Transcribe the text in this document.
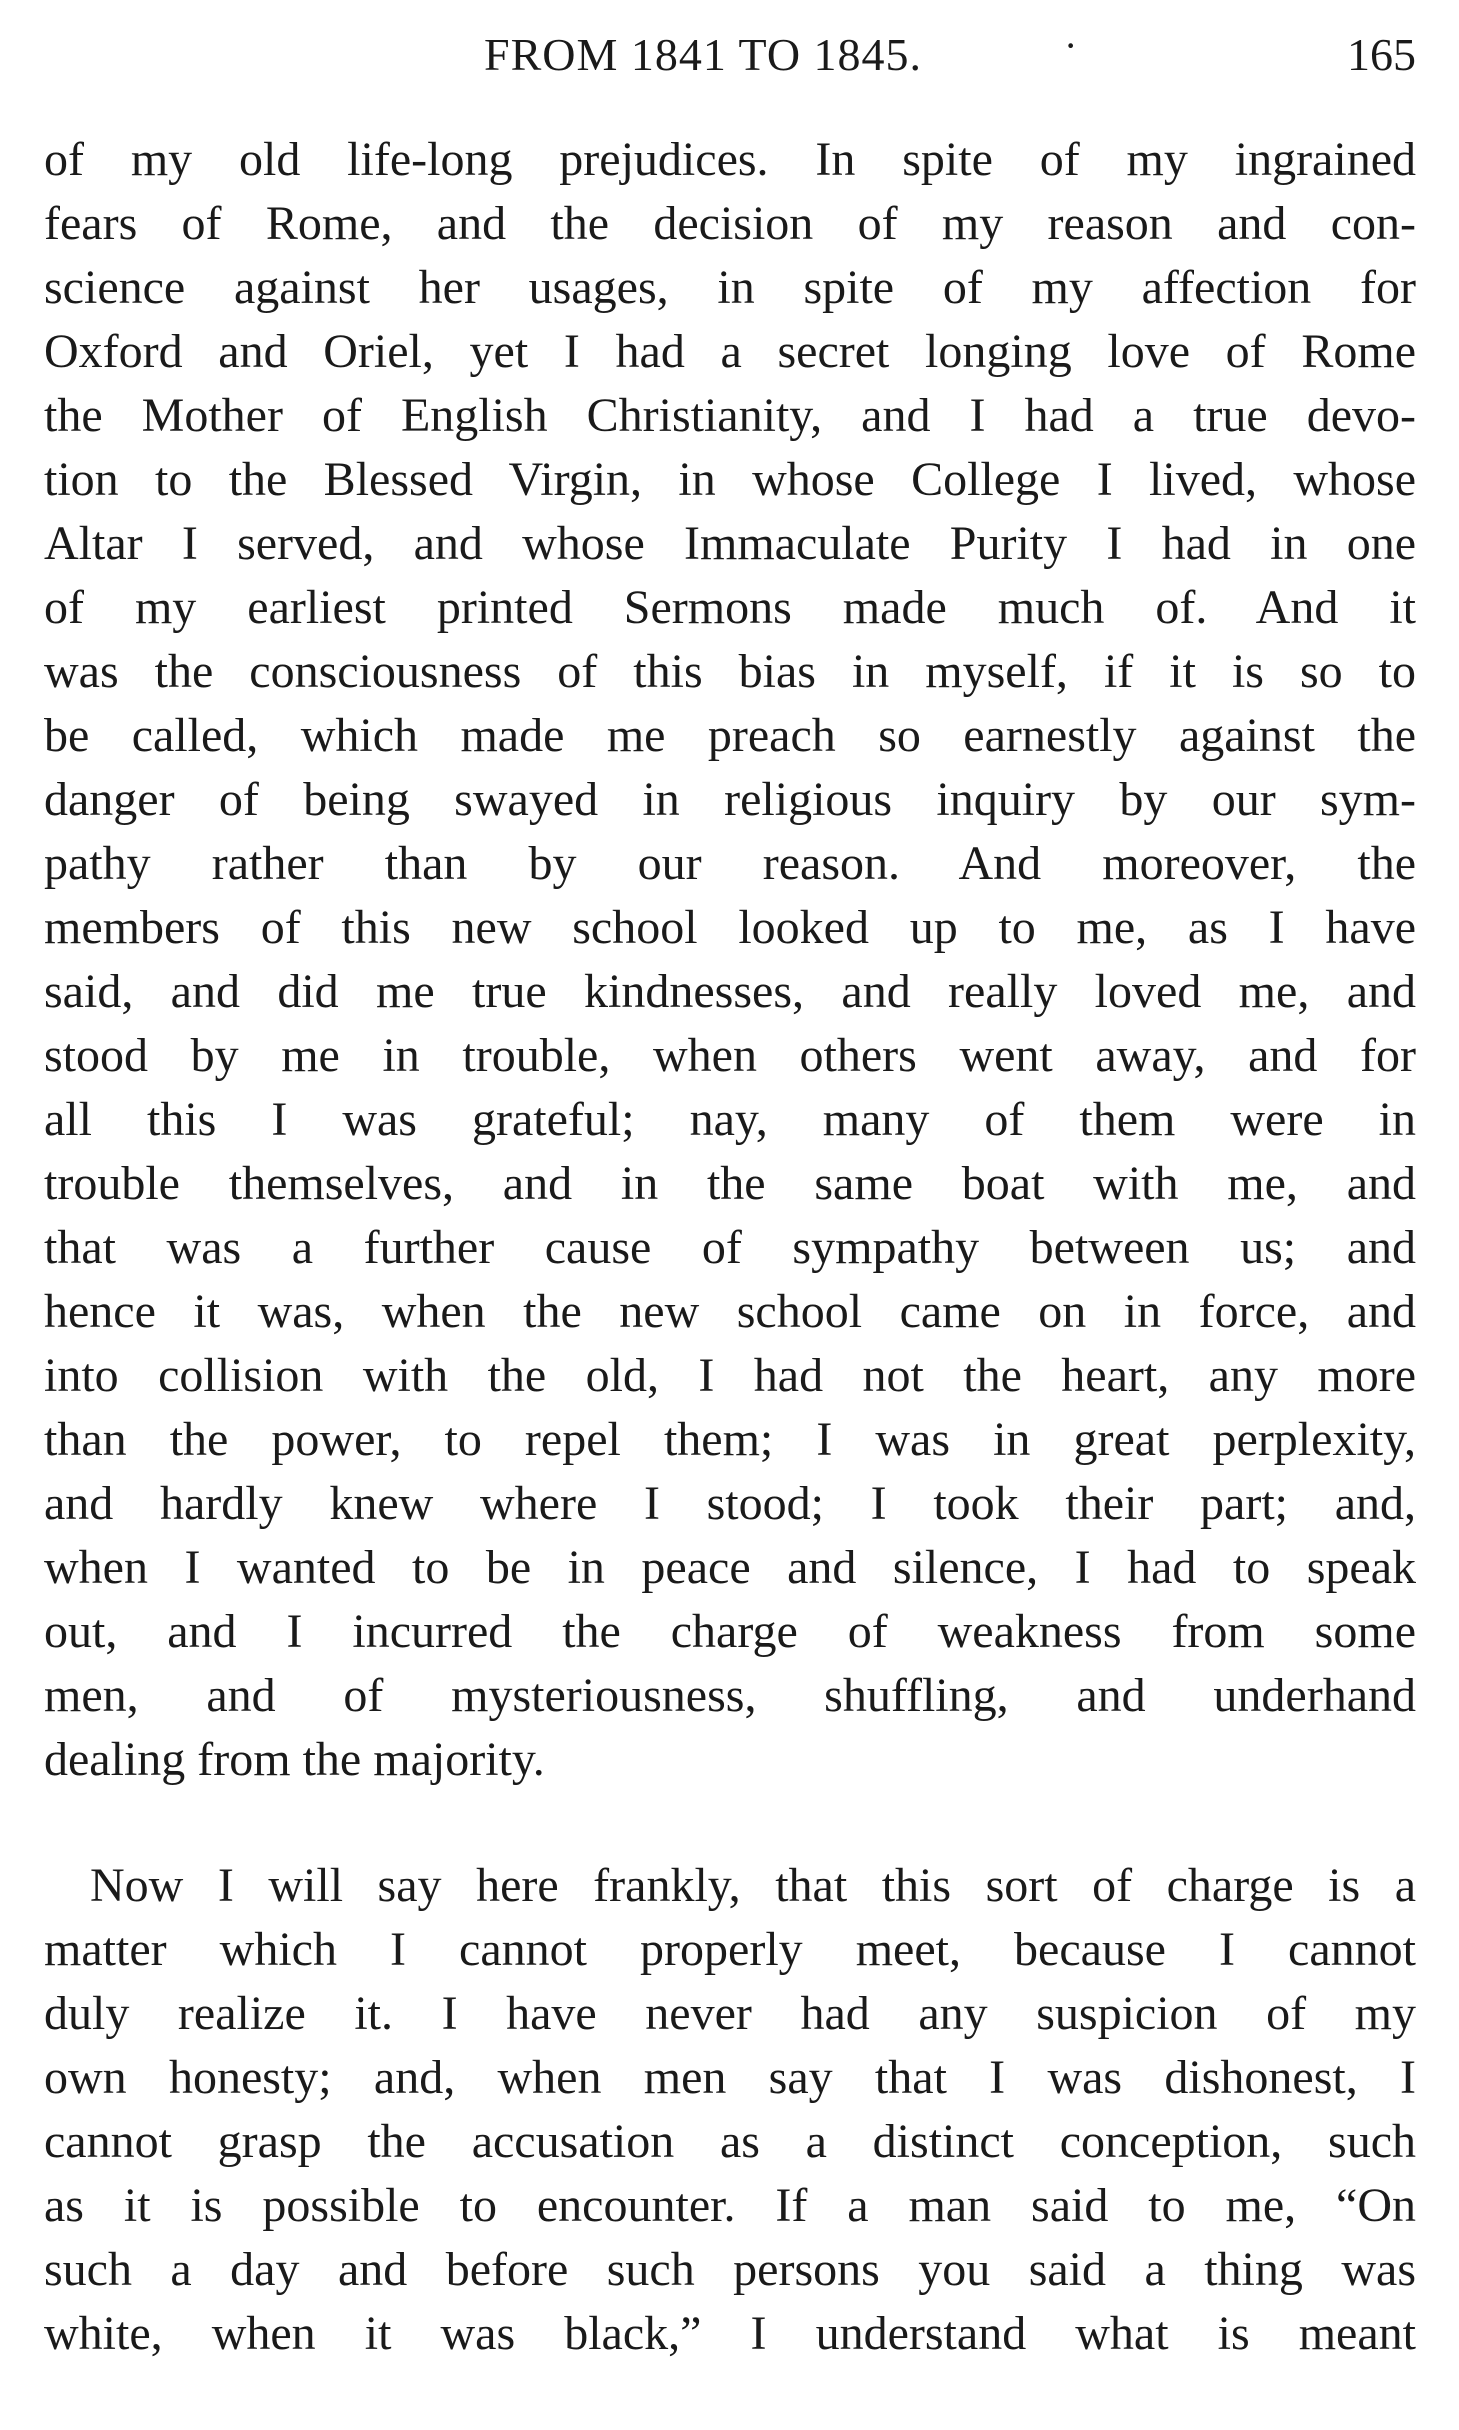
FROM 1841 TO 1845.	·	165

of my old life-long prejudices. In spite of my ingrained
fears of Rome, and the decision of my reason and con-
science against her usages, in spite of my affection for
Oxford and Oriel, yet I had a secret longing love of Rome
the Mother of English Christianity, and I had a true devo-
tion to the Blessed Virgin, in whose College I lived, whose
Altar I served, and whose Immaculate Purity I had in one
of my earliest printed Sermons made much of. And it
was the consciousness of this bias in myself, if it is so to
be called, which made me preach so earnestly against the
danger of being swayed in religious inquiry by our sym-
pathy rather than by our reason. And moreover, the
members of this new school looked up to me, as I have
said, and did me true kindnesses, and really loved me, and
stood by me in trouble, when others went away, and for
all this I was grateful; nay, many of them were in
trouble themselves, and in the same boat with me, and
that was a further cause of sympathy between us; and
hence it was, when the new school came on in force, and
into collision with the old, I had not the heart, any more
than the power, to repel them; I was in great perplexity,
and hardly knew where I stood; I took their part; and,
when I wanted to be in peace and silence, I had to speak
out, and I incurred the charge of weakness from some
men, and of mysteriousness, shuffling, and underhand
dealing from the majority.

Now I will say here frankly, that this sort of charge is a
matter which I cannot properly meet, because I cannot
duly realize it. I have never had any suspicion of my
own honesty; and, when men say that I was dishonest, I
cannot grasp the accusation as a distinct conception, such
as it is possible to encounter. If a man said to me, “On
such a day and before such persons you said a thing was
white, when it was black,” I understand what is meant
